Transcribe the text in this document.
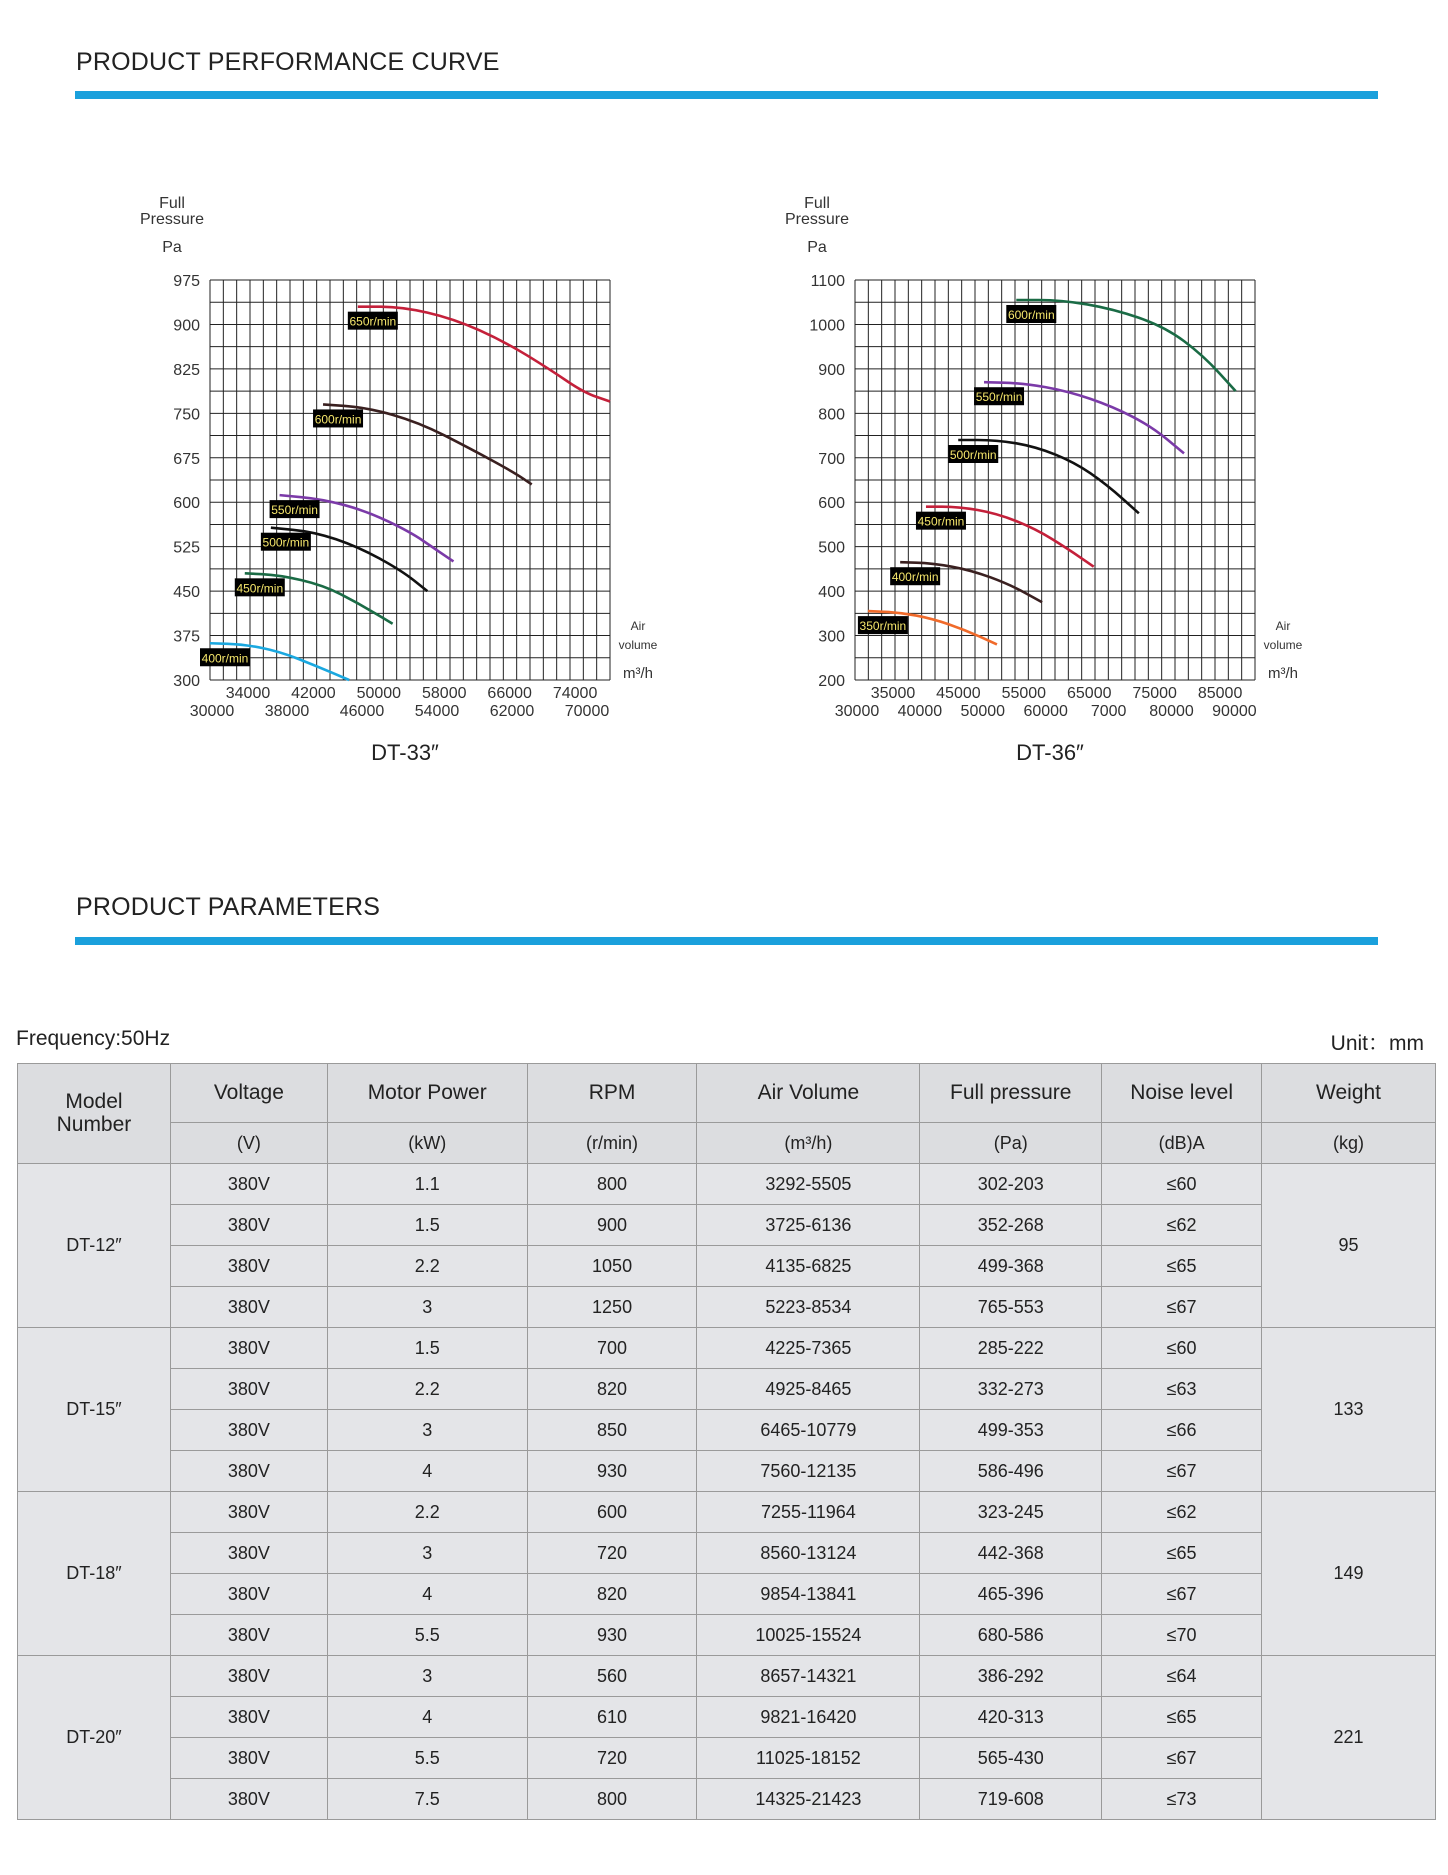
PRODUCT PERFORMANCE CURVE
Full
Pressure
Pa
300
375
450
525
600
675
750
825
900
975
34000 42000 50000 58000 66000 74000
30000 38000 46000 54000 62000 70000
Air
volume
m³/h
650r/min
600r/min
550r/min
500r/min
450r/min
400r/min
DT-33″
Full
Pressure
Pa
200
300
400
500
600
700
800
900
1000
1100
35000 45000 55000 65000 75000 85000
30000 40000 50000 60000 7000 80000 90000
Air
volume
m³/h
600r/min
550r/min
500r/min
450r/min
400r/min
350r/min
DT-36″
PRODUCT PARAMETERS
Frequency:50Hz	Unit：mm
Model
Number	Voltage	Motor Power	RPM	Air Volume	Full pressure	Noise level	Weight
	(V)	(kW)	(r/min)	(m³/h)	(Pa)	(dB)A	(kg)
DT-12″	380V	1.1	800	3292-5505	302-203	≤60	95
	380V	1.5	900	3725-6136	352-268	≤62	
	380V	2.2	1050	4135-6825	499-368	≤65	
	380V	3	1250	5223-8534	765-553	≤67	
DT-15″	380V	1.5	700	4225-7365	285-222	≤60	133
	380V	2.2	820	4925-8465	332-273	≤63	
	380V	3	850	6465-10779	499-353	≤66	
	380V	4	930	7560-12135	586-496	≤67	
DT-18″	380V	2.2	600	7255-11964	323-245	≤62	149
	380V	3	720	8560-13124	442-368	≤65	
	380V	4	820	9854-13841	465-396	≤67	
	380V	5.5	930	10025-15524	680-586	≤70	
DT-20″	380V	3	560	8657-14321	386-292	≤64	221
	380V	4	610	9821-16420	420-313	≤65	
	380V	5.5	720	11025-18152	565-430	≤67	
	380V	7.5	800	14325-21423	719-608	≤73	
